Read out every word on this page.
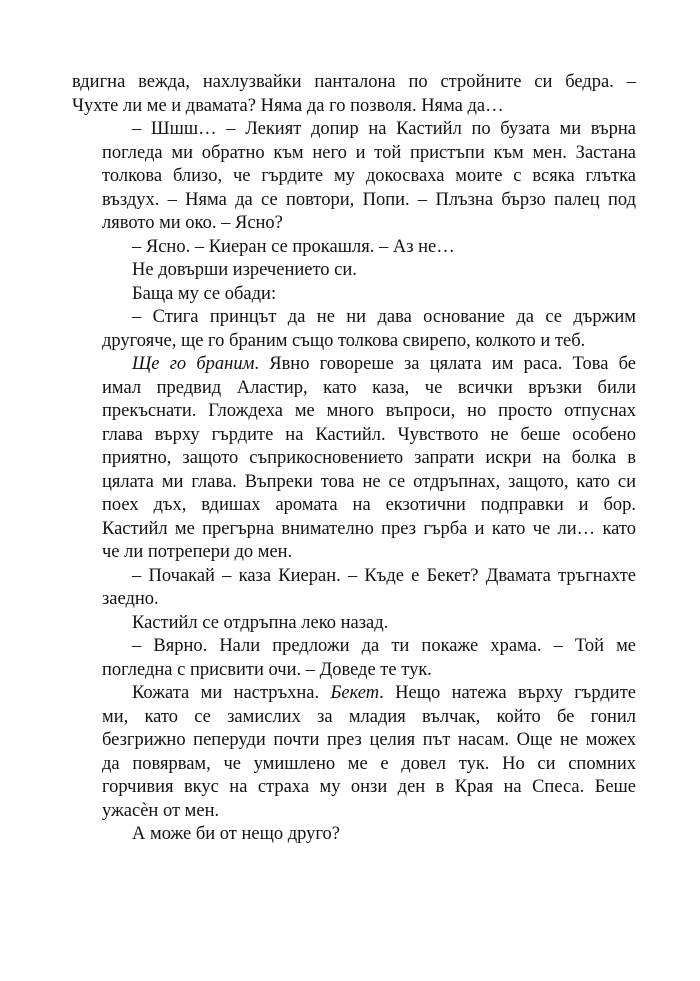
вдигна вежда, нахлузвайки панталона по стройните си бедра. –
Чухте ли ме и двамата? Няма да го позволя. Няма да…
– Шшш… – Лекият допир на Кастийл по бузата ми върна
погледа ми обратно към него и той пристъпи към мен. Застана
толкова близо, че гърдите му докосваха моите с всяка глътка
въздух. – Няма да се повтори, Попи. – Плъзна бързо палец под
лявото ми око. – Ясно?
– Ясно. – Киеран се прокашля. – Аз не…
Не довърши изречението си.
Баща му се обади:
– Стига принцът да не ни дава основание да се държим
другояче, ще го браним също толкова свирепо, колкото и теб.
Ще го браним. Явно говореше за цялата им раса. Това бе
имал предвид Аластир, като каза, че всички връзки били
прекъснати. Глождеха ме много въпроси, но просто отпуснах
глава върху гърдите на Кастийл. Чувството не беше особено
приятно, защото съприкосновението запрати искри на болка в
цялата ми глава. Въпреки това не се отдръпнах, защото, като си
поех дъх, вдишах аромата на екзотични подправки и бор.
Кастийл ме прегърна внимателно през гърба и като че ли… като
че ли потрепери до мен.
– Почакай – каза Киеран. – Къде е Бекет? Двамата тръгнахте
заедно.
Кастийл се отдръпна леко назад.
– Вярно. Нали предложи да ти покаже храма. – Той ме
погледна с присвити очи. – Доведе те тук.
Кожата ми настръхна. Бекет. Нещо натежа върху гърдите
ми, като се замислих за младия вълчак, който бе гонил
безгрижно пеперуди почти през целия път насам. Още не можех
да повярвам, че умишлено ме е довел тук. Но си спомних
горчивия вкус на страха му онзи ден в Края на Спеса. Беше
ужасѐн от мен.
А може би от нещо друго?
